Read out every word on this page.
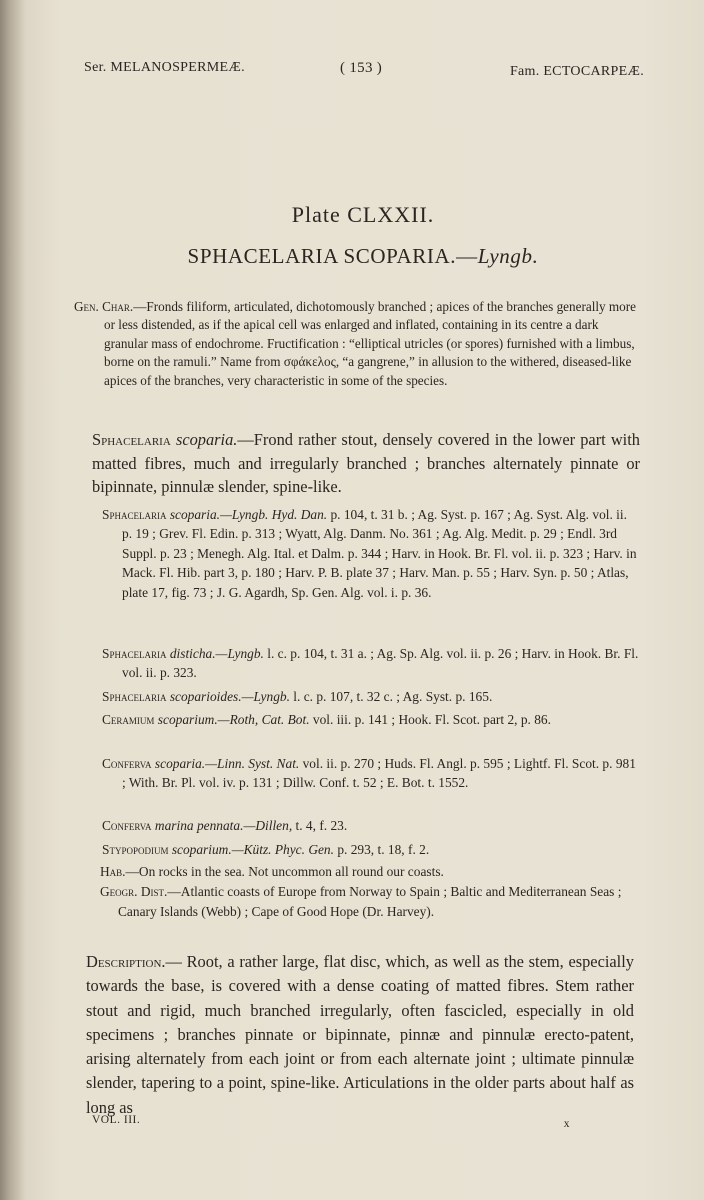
Ser. MELANOSPERMEÆ.	( 153 )	Fam. ECTOCARPEÆ.
Plate CLXXII.
SPHACELARIA SCOPARIA.—Lyngb.
Gen. Char.—Fronds filiform, articulated, dichotomously branched ; apices of the branches generally more or less distended, as if the apical cell was enlarged and inflated, containing in its centre a dark granular mass of endochrome. Fructification : “elliptical utricles (or spores) furnished with a limbus, borne on the ramuli.” Name from σφάκελος, “a gangrene,” in allusion to the withered, diseased-like apices of the branches, very characteristic in some of the species.
Sphacelaria scoparia.—Frond rather stout, densely covered in the lower part with matted fibres, much and irregularly branched ; branches alternately pinnate or bipinnate, pinnulæ slender, spine-like.
Sphacelaria scoparia.—Lyngb. Hyd. Dan. p. 104, t. 31 b. ; Ag. Syst. p. 167 ; Ag. Syst. Alg. vol. ii. p. 19 ; Grev. Fl. Edin. p. 313 ; Wyatt, Alg. Danm. No. 361 ; Ag. Alg. Medit. p. 29 ; Endl. 3rd Suppl. p. 23 ; Menegh. Alg. Ital. et Dalm. p. 344 ; Harv. in Hook. Br. Fl. vol. ii. p. 323 ; Harv. in Mack. Fl. Hib. part 3, p. 180 ; Harv. P. B. plate 37 ; Harv. Man. p. 55 ; Harv. Syn. p. 50 ; Atlas, plate 17, fig. 73 ; J. G. Agardh, Sp. Gen. Alg. vol. i. p. 36.
Sphacelaria disticha.—Lyngb. l. c. p. 104, t. 31 a. ; Ag. Sp. Alg. vol. ii. p. 26 ; Harv. in Hook. Br. Fl. vol. ii. p. 323.
Sphacelaria scoparioides.—Lyngb. l. c. p. 107, t. 32 c. ; Ag. Syst. p. 165.
Ceramium scoparium.—Roth, Cat. Bot. vol. iii. p. 141 ; Hook. Fl. Scot. part 2, p. 86.
Conferva scoparia.—Linn. Syst. Nat. vol. ii. p. 270 ; Huds. Fl. Angl. p. 595 ; Lightf. Fl. Scot. p. 981 ; With. Br. Pl. vol. iv. p. 131 ; Dillw. Conf. t. 52 ; E. Bot. t. 1552.
Conferva marina pennata.—Dillen, t. 4, f. 23.
Stypopodium scoparium.—Kütz. Phyc. Gen. p. 293, t. 18, f. 2.
Hab.—On rocks in the sea. Not uncommon all round our coasts.
Geogr. Dist.—Atlantic coasts of Europe from Norway to Spain ; Baltic and Mediterranean Seas ; Canary Islands (Webb) ; Cape of Good Hope (Dr. Harvey).
Description.— Root, a rather large, flat disc, which, as well as the stem, especially towards the base, is covered with a dense coating of matted fibres. Stem rather stout and rigid, much branched irregularly, often fascicled, especially in old specimens ; branches pinnate or bipinnate, pinnæ and pinnulæ erecto-patent, arising alternately from each joint or from each alternate joint ; ultimate pinnulæ slender, tapering to a point, spine-like. Articulations in the older parts about half as long as
VOL. III.	x
